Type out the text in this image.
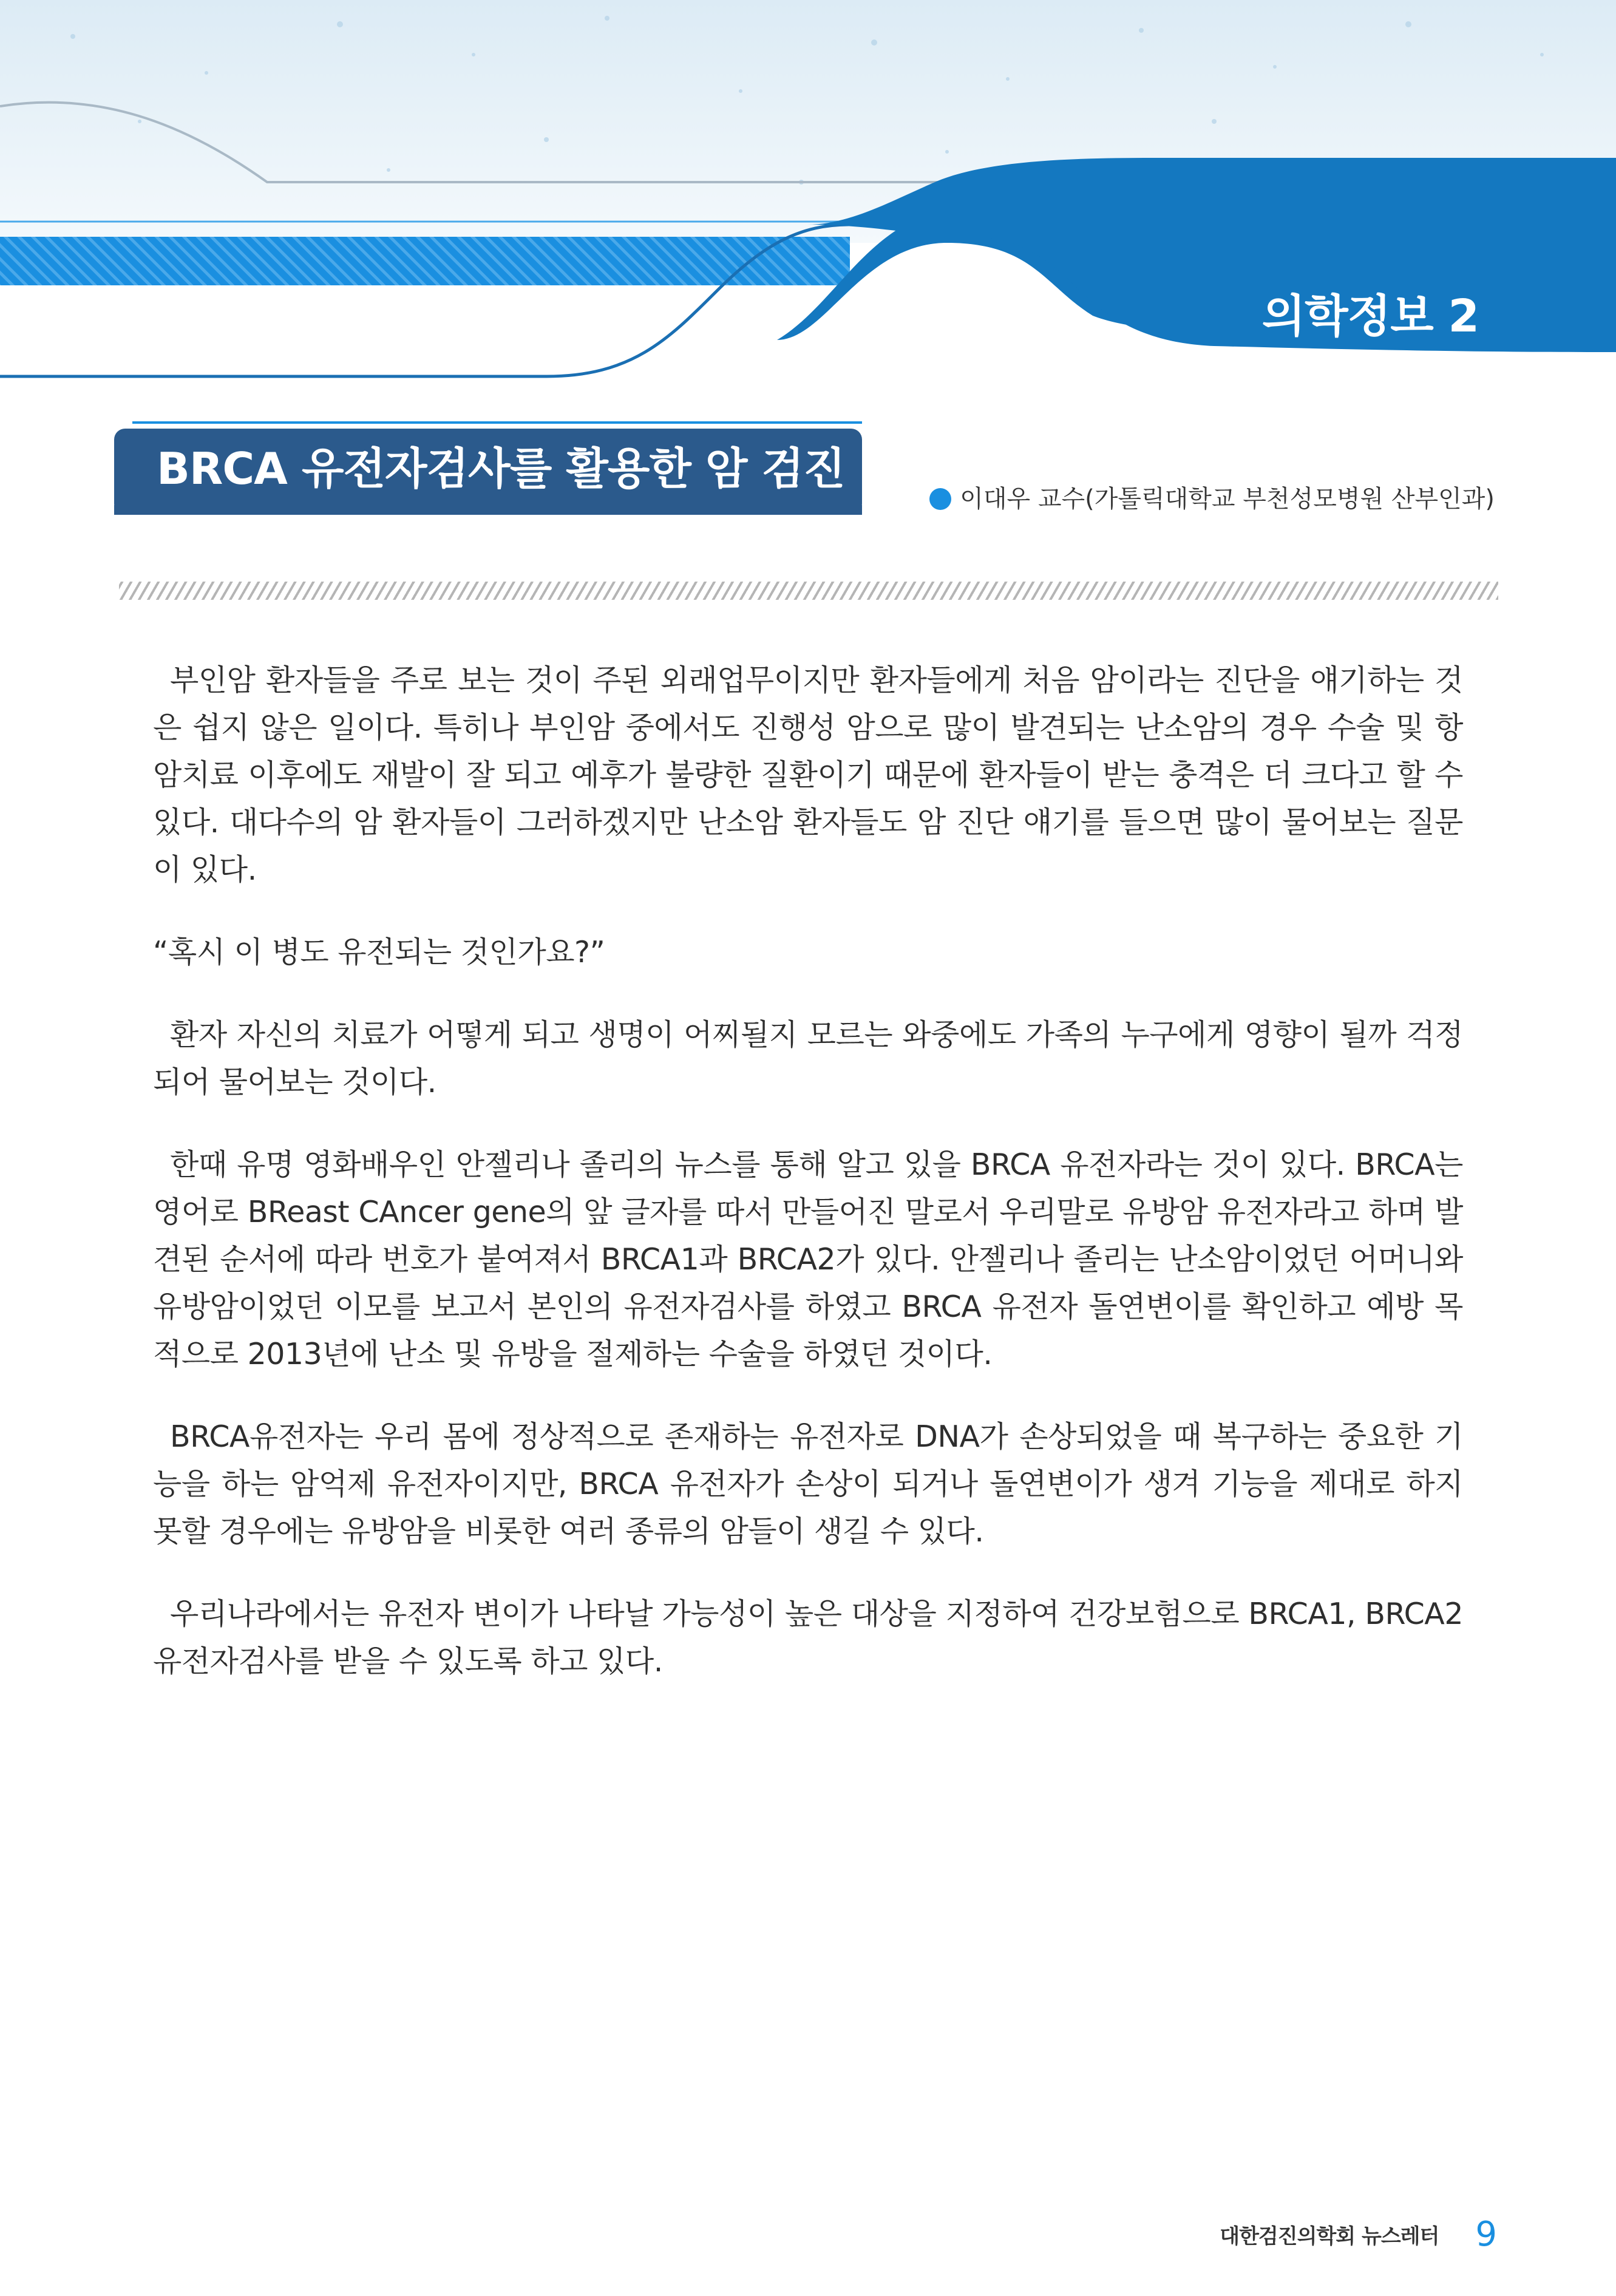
의학정보 2
BRCA 유전자검사를 활용한 암 검진
이대우 교수(가톨릭대학교 부천성모병원 산부인과)

부인암 환자들을 주로 보는 것이 주된 외래업무이지만 환자들에게 처음 암이라는 진단을 얘기하는 것은 쉽지 않은 일이다. 특히나 부인암 중에서도 진행성 암으로 많이 발견되는 난소암의 경우 수술 및 항암치료 이후에도 재발이 잘 되고 예후가 불량한 질환이기 때문에 환자들이 받는 충격은 더 크다고 할 수 있다. 대다수의 암 환자들이 그러하겠지만 난소암 환자들도 암 진단 얘기를 들으면 많이 물어보는 질문이 있다.

“혹시 이 병도 유전되는 것인가요?”

환자 자신의 치료가 어떻게 되고 생명이 어찌될지 모르는 와중에도 가족의 누구에게 영향이 될까 걱정되어 물어보는 것이다.

한때 유명 영화배우인 안젤리나 졸리의 뉴스를 통해 알고 있을 BRCA 유전자라는 것이 있다. BRCA는 영어로 BReast CAncer gene의 앞 글자를 따서 만들어진 말로서 우리말로 유방암 유전자라고 하며 발견된 순서에 따라 번호가 붙여져서 BRCA1과 BRCA2가 있다. 안젤리나 졸리는 난소암이었던 어머니와 유방암이었던 이모를 보고서 본인의 유전자검사를 하였고 BRCA 유전자 돌연변이를 확인하고 예방 목적으로 2013년에 난소 및 유방을 절제하는 수술을 하였던 것이다.

BRCA유전자는 우리 몸에 정상적으로 존재하는 유전자로 DNA가 손상되었을 때 복구하는 중요한 기능을 하는 암억제 유전자이지만, BRCA 유전자가 손상이 되거나 돌연변이가 생겨 기능을 제대로 하지 못할 경우에는 유방암을 비롯한 여러 종류의 암들이 생길 수 있다.

우리나라에서는 유전자 변이가 나타날 가능성이 높은 대상을 지정하여 건강보험으로 BRCA1, BRCA2 유전자검사를 받을 수 있도록 하고 있다.

대한검진의학회 뉴스레터 9
